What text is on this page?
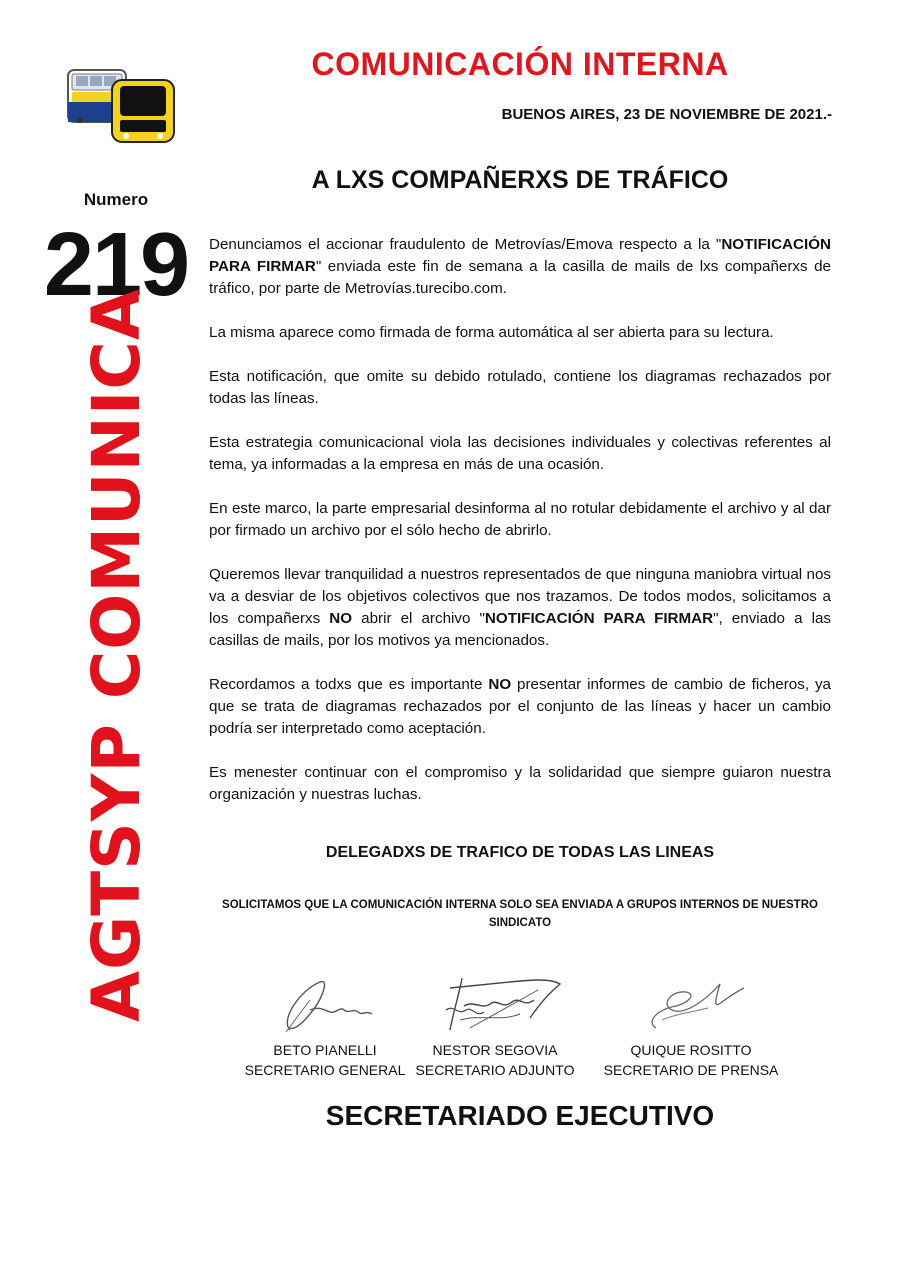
COMUNICACIÓN INTERNA
BUENOS AIRES, 23 DE NOVIEMBRE DE 2021.-
A LXS COMPAÑERXS DE TRÁFICO
Numero
219
AGTSYP COMUNICA

Denunciamos el accionar fraudulento de Metrovías/Emova respecto a la "NOTIFICACIÓN PARA FIRMAR" enviada este fin de semana a la casilla de mails de lxs compañerxs de tráfico, por parte de Metrovías.turecibo.com.

La misma aparece como firmada de forma automática al ser abierta para su lectura.

Esta notificación, que omite su debido rotulado, contiene los diagramas rechazados por todas las líneas.

Esta estrategia comunicacional viola las decisiones individuales y colectivas referentes al tema, ya informadas a la empresa en más de una ocasión.

En este marco, la parte empresarial desinforma al no rotular debidamente el archivo y al dar por firmado un archivo por el sólo hecho de abrirlo.

Queremos llevar tranquilidad a nuestros representados de que ninguna maniobra virtual nos va a desviar de los objetivos colectivos que nos trazamos. De todos modos, solicitamos a los compañerxs NO abrir el archivo "NOTIFICACIÓN PARA FIRMAR", enviado a las casillas de mails, por los motivos ya mencionados.

Recordamos a todxs que es importante NO presentar informes de cambio de ficheros, ya que se trata de diagramas rechazados por el conjunto de las líneas y hacer un cambio podría ser interpretado como aceptación.

Es menester continuar con el compromiso y la solidaridad que siempre guiaron nuestra organización y nuestras luchas.

DELEGADXS DE TRAFICO DE TODAS LAS LINEAS
SOLICITAMOS QUE LA COMUNICACIÓN INTERNA SOLO SEA ENVIADA A GRUPOS INTERNOS DE NUESTRO SINDICATO
BETO PIANELLI
SECRETARIO GENERAL
NESTOR SEGOVIA
SECRETARIO ADJUNTO
QUIQUE ROSITTO
SECRETARIO DE PRENSA
SECRETARIADO EJECUTIVO
